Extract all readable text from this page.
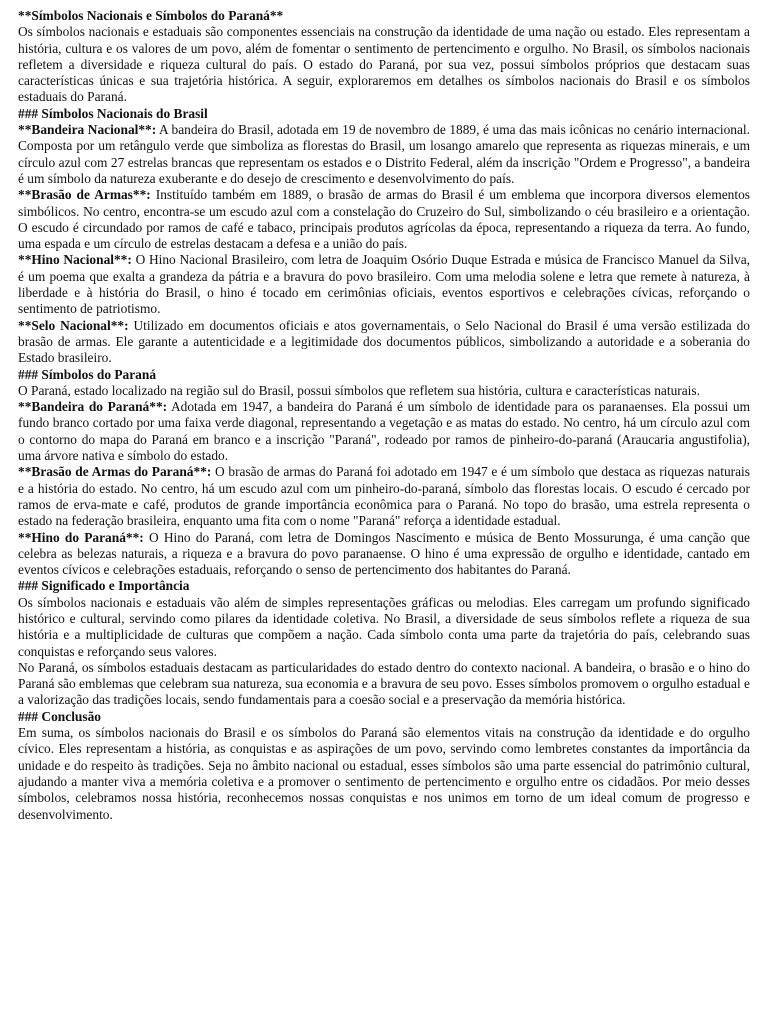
**Símbolos Nacionais e Símbolos do Paraná**

Os símbolos nacionais e estaduais são componentes essenciais na construção da identidade de uma nação ou estado. Eles representam a história, cultura e os valores de um povo, além de fomentar o sentimento de pertencimento e orgulho. No Brasil, os símbolos nacionais refletem a diversidade e riqueza cultural do país. O estado do Paraná, por sua vez, possui símbolos próprios que destacam suas características únicas e sua trajetória histórica. A seguir, exploraremos em detalhes os símbolos nacionais do Brasil e os símbolos estaduais do Paraná.

### Símbolos Nacionais do Brasil

**Bandeira Nacional**: A bandeira do Brasil, adotada em 19 de novembro de 1889, é uma das mais icônicas no cenário internacional. Composta por um retângulo verde que simboliza as florestas do Brasil, um losango amarelo que representa as riquezas minerais, e um círculo azul com 27 estrelas brancas que representam os estados e o Distrito Federal, além da inscrição "Ordem e Progresso", a bandeira é um símbolo da natureza exuberante e do desejo de crescimento e desenvolvimento do país.

**Brasão de Armas**: Instituído também em 1889, o brasão de armas do Brasil é um emblema que incorpora diversos elementos simbólicos. No centro, encontra-se um escudo azul com a constelação do Cruzeiro do Sul, simbolizando o céu brasileiro e a orientação. O escudo é circundado por ramos de café e tabaco, principais produtos agrícolas da época, representando a riqueza da terra. Ao fundo, uma espada e um círculo de estrelas destacam a defesa e a união do país.

**Hino Nacional**: O Hino Nacional Brasileiro, com letra de Joaquim Osório Duque Estrada e música de Francisco Manuel da Silva, é um poema que exalta a grandeza da pátria e a bravura do povo brasileiro. Com uma melodia solene e letra que remete à natureza, à liberdade e à história do Brasil, o hino é tocado em cerimônias oficiais, eventos esportivos e celebrações cívicas, reforçando o sentimento de patriotismo.

**Selo Nacional**: Utilizado em documentos oficiais e atos governamentais, o Selo Nacional do Brasil é uma versão estilizada do brasão de armas. Ele garante a autenticidade e a legitimidade dos documentos públicos, simbolizando a autoridade e a soberania do Estado brasileiro.

### Símbolos do Paraná

O Paraná, estado localizado na região sul do Brasil, possui símbolos que refletem sua história, cultura e características naturais.

**Bandeira do Paraná**: Adotada em 1947, a bandeira do Paraná é um símbolo de identidade para os paranaenses. Ela possui um fundo branco cortado por uma faixa verde diagonal, representando a vegetação e as matas do estado. No centro, há um círculo azul com o contorno do mapa do Paraná em branco e a inscrição "Paraná", rodeado por ramos de pinheiro-do-paraná (Araucaria angustifolia), uma árvore nativa e símbolo do estado.

**Brasão de Armas do Paraná**: O brasão de armas do Paraná foi adotado em 1947 e é um símbolo que destaca as riquezas naturais e a história do estado. No centro, há um escudo azul com um pinheiro-do-paraná, símbolo das florestas locais. O escudo é cercado por ramos de erva-mate e café, produtos de grande importância econômica para o Paraná. No topo do brasão, uma estrela representa o estado na federação brasileira, enquanto uma fita com o nome "Paraná" reforça a identidade estadual.

**Hino do Paraná**: O Hino do Paraná, com letra de Domingos Nascimento e música de Bento Mossurunga, é uma canção que celebra as belezas naturais, a riqueza e a bravura do povo paranaense. O hino é uma expressão de orgulho e identidade, cantado em eventos cívicos e celebrações estaduais, reforçando o senso de pertencimento dos habitantes do Paraná.

### Significado e Importância

Os símbolos nacionais e estaduais vão além de simples representações gráficas ou melodias. Eles carregam um profundo significado histórico e cultural, servindo como pilares da identidade coletiva. No Brasil, a diversidade de seus símbolos reflete a riqueza de sua história e a multiplicidade de culturas que compõem a nação. Cada símbolo conta uma parte da trajetória do país, celebrando suas conquistas e reforçando seus valores.

No Paraná, os símbolos estaduais destacam as particularidades do estado dentro do contexto nacional. A bandeira, o brasão e o hino do Paraná são emblemas que celebram sua natureza, sua economia e a bravura de seu povo. Esses símbolos promovem o orgulho estadual e a valorização das tradições locais, sendo fundamentais para a coesão social e a preservação da memória histórica.

### Conclusão

Em suma, os símbolos nacionais do Brasil e os símbolos do Paraná são elementos vitais na construção da identidade e do orgulho cívico. Eles representam a história, as conquistas e as aspirações de um povo, servindo como lembretes constantes da importância da unidade e do respeito às tradições. Seja no âmbito nacional ou estadual, esses símbolos são uma parte essencial do patrimônio cultural, ajudando a manter viva a memória coletiva e a promover o sentimento de pertencimento e orgulho entre os cidadãos. Por meio desses símbolos, celebramos nossa história, reconhecemos nossas conquistas e nos unimos em torno de um ideal comum de progresso e desenvolvimento.
